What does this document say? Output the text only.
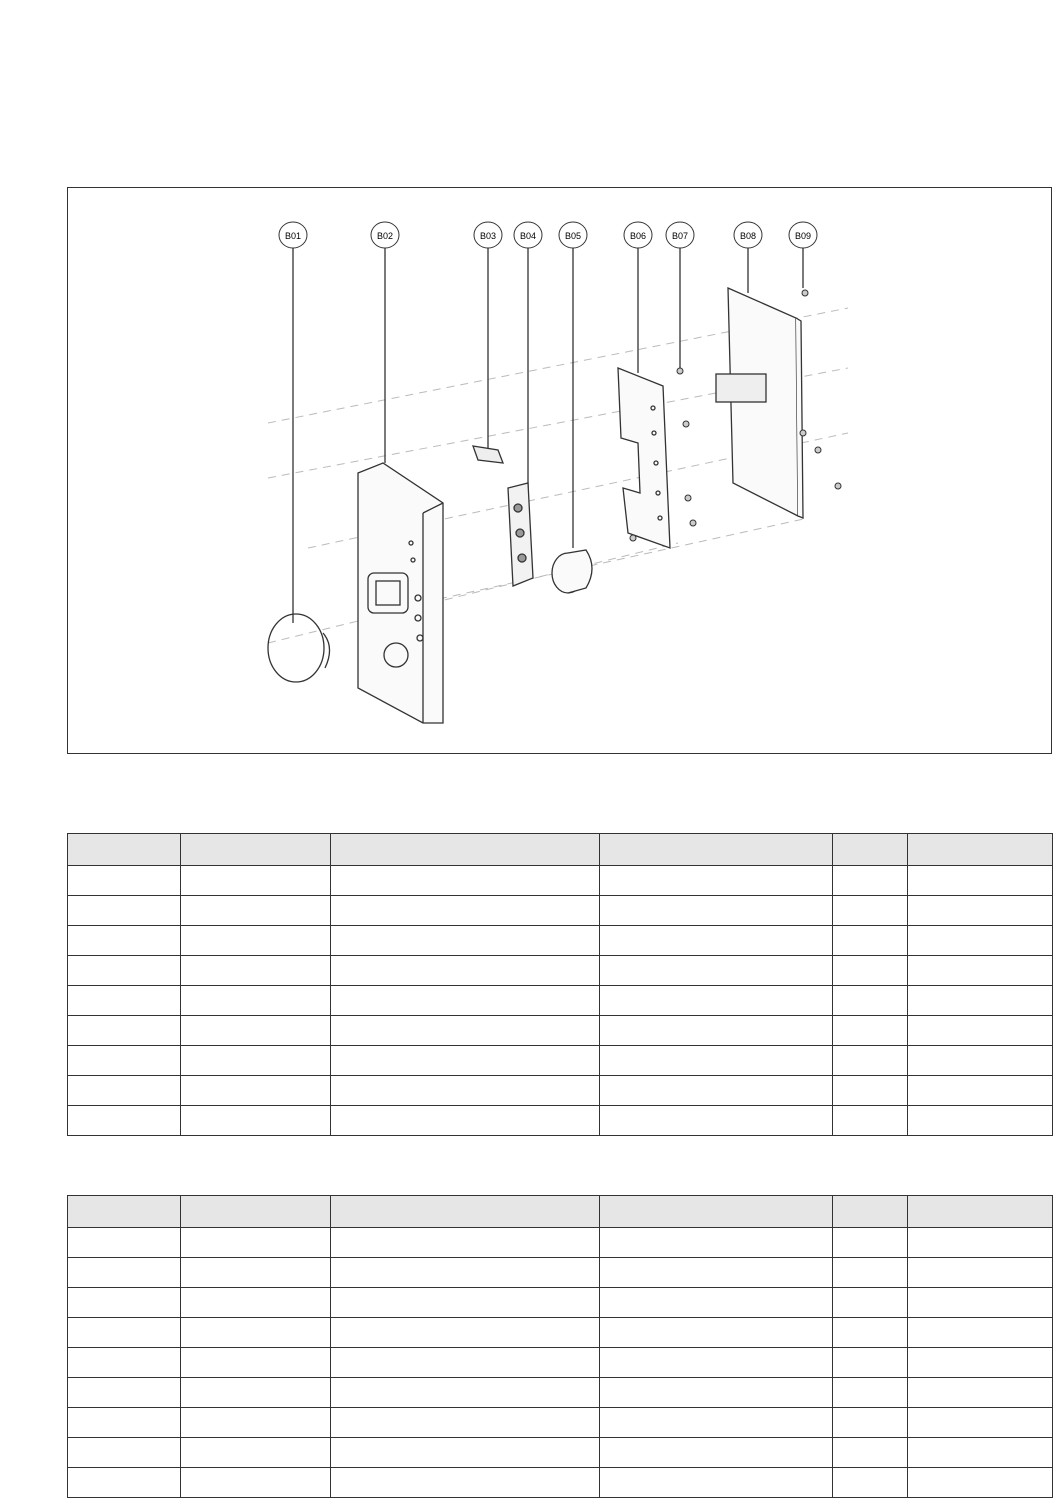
B01	B02	B03	B04	B05	B06	B07	B08	B09
